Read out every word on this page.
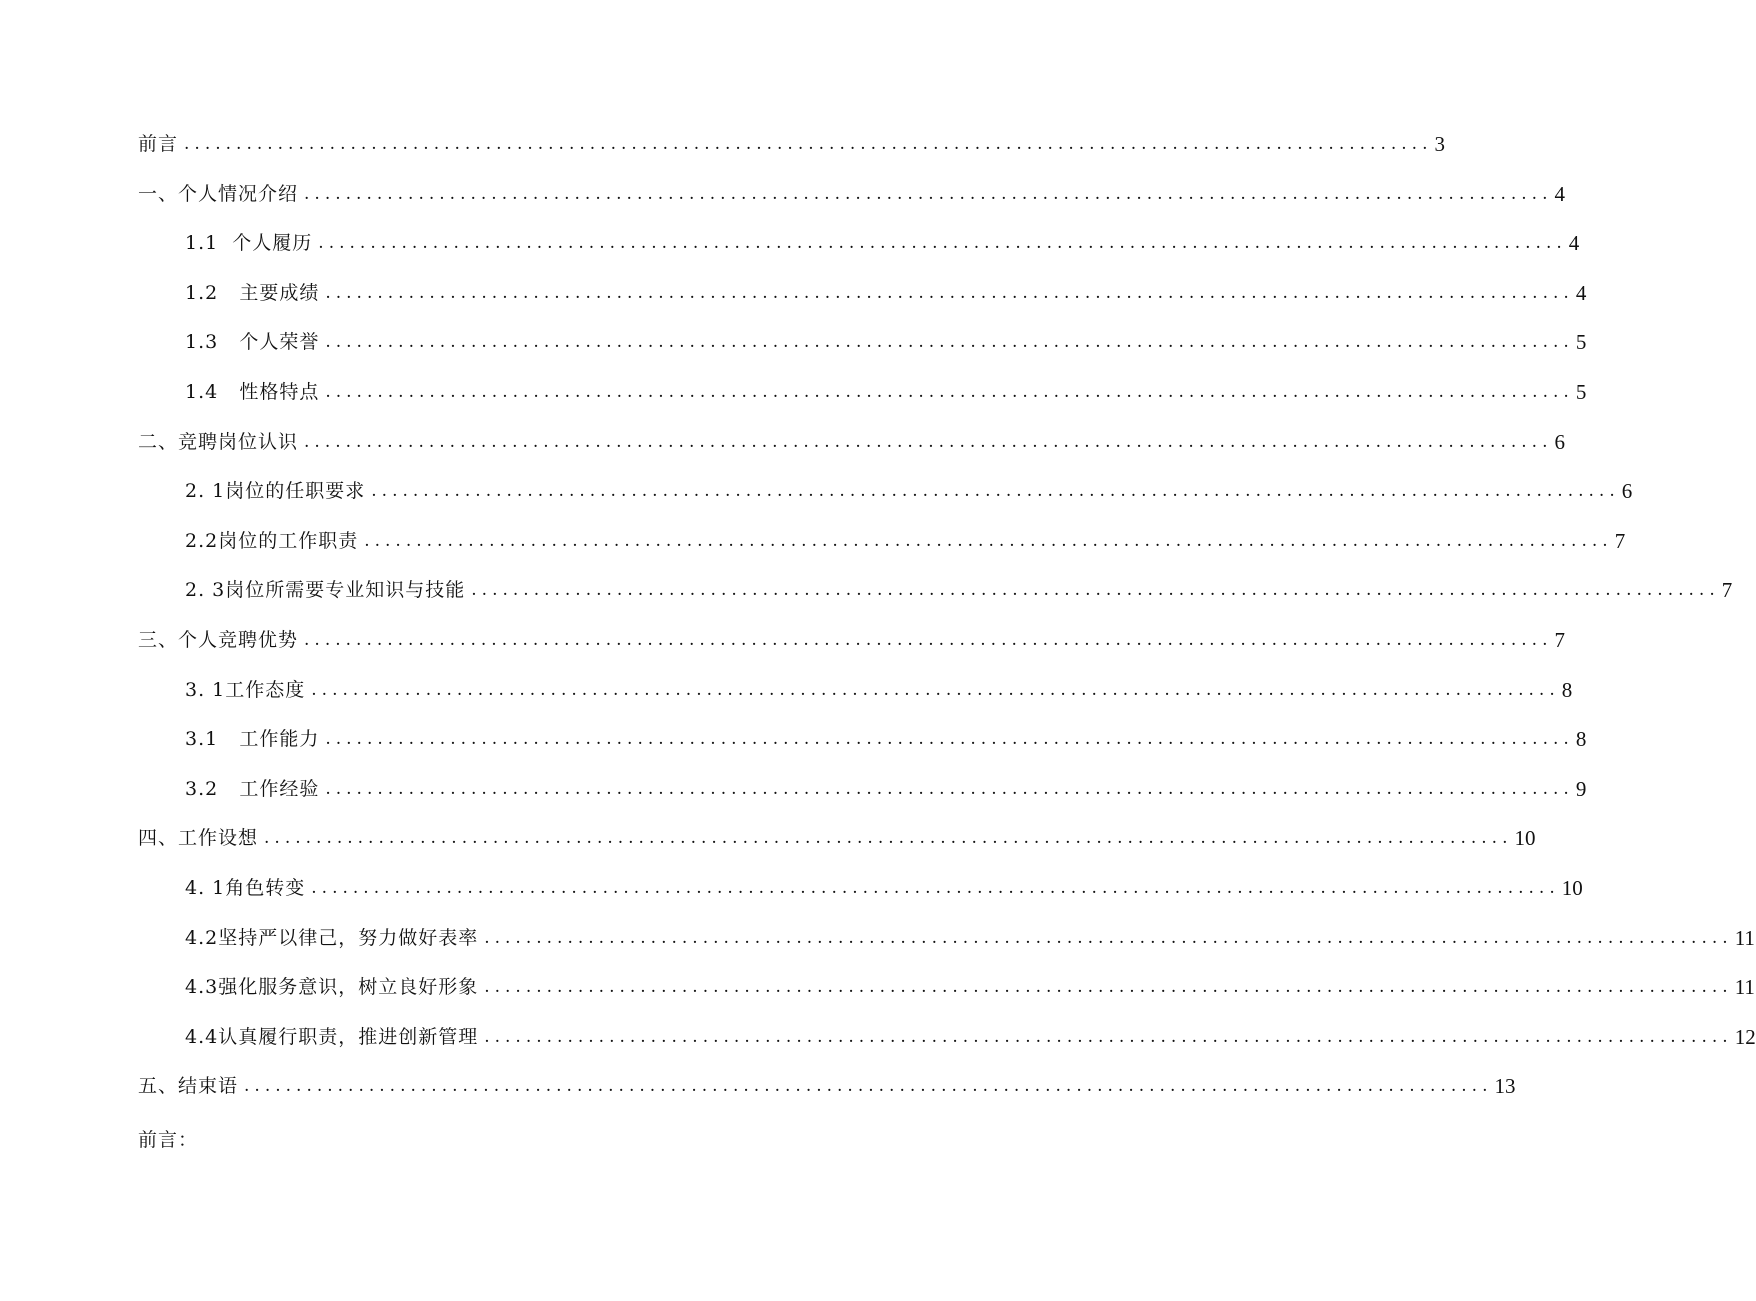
前言 ........................................................................................................................ 3
一、个人情况介绍 ........................................................................................................................ 4
1.1  个人履历 ........................................................................................................................ 4
1.2   主要成绩 ........................................................................................................................ 4
1.3   个人荣誉 ........................................................................................................................ 5
1.4   性格特点 ........................................................................................................................ 5
二、竞聘岗位认识 ........................................................................................................................ 6
2. 1岗位的任职要求 ........................................................................................................................ 6
2.2岗位的工作职责 ........................................................................................................................ 7
2. 3岗位所需要专业知识与技能 ........................................................................................................................ 7
三、个人竞聘优势 ........................................................................................................................ 7
3. 1工作态度 ........................................................................................................................ 8
3.1   工作能力 ........................................................................................................................ 8
3.2   工作经验 ........................................................................................................................ 9
四、工作设想 ........................................................................................................................ 10
4. 1角色转变 ........................................................................................................................ 10
4.2坚持严以律己，努力做好表率 ........................................................................................................................ 11
4.3强化服务意识，树立良好形象 ........................................................................................................................ 11
4.4认真履行职责，推进创新管理 ........................................................................................................................ 12
五、结束语 ........................................................................................................................ 13
前言：
